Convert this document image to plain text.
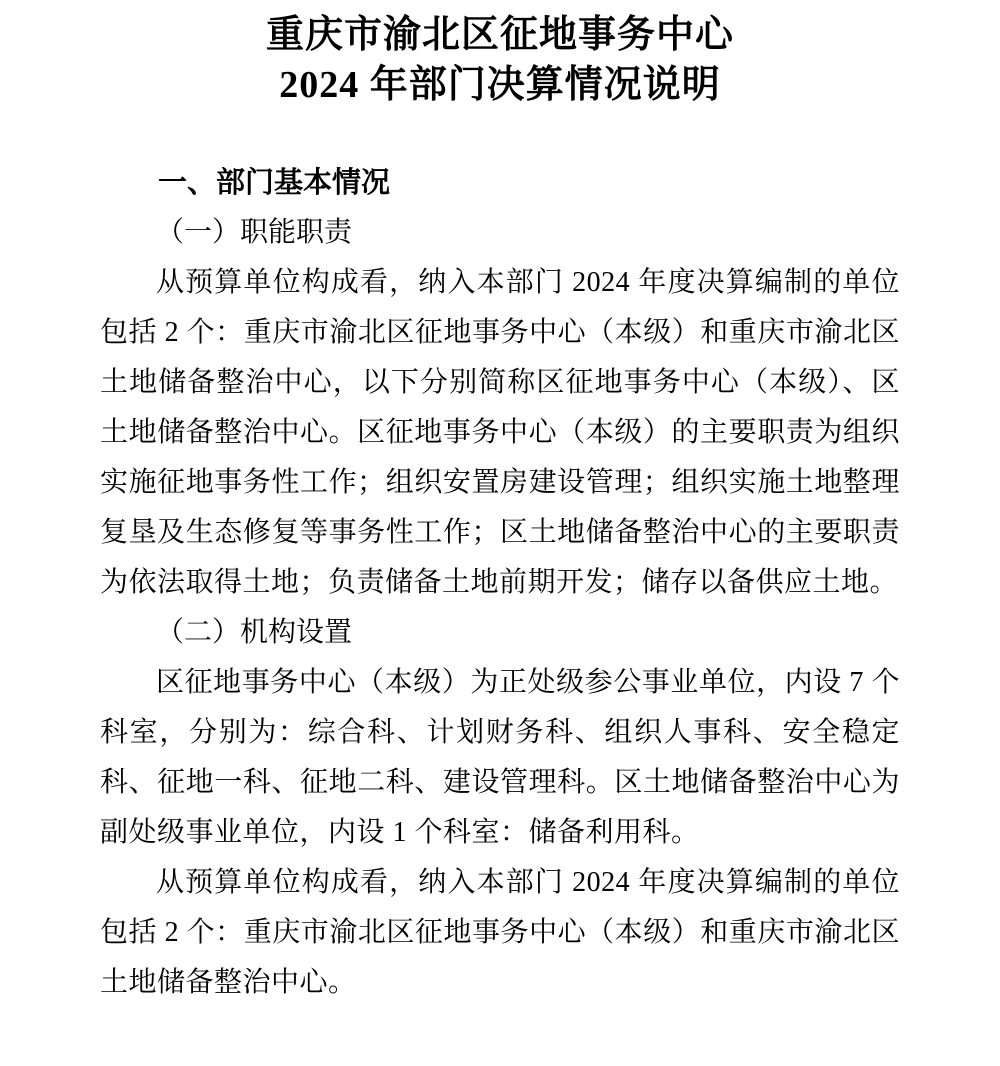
重庆市渝北区征地事务中心
2024 年部门决算情况说明
一、部门基本情况
（一）职能职责

从预算单位构成看，纳入本部门 2024 年度决算编制的单位包括 2 个：重庆市渝北区征地事务中心（本级）和重庆市渝北区土地储备整治中心，以下分别简称区征地事务中心（本级）、区土地储备整治中心。区征地事务中心（本级）的主要职责为组织实施征地事务性工作；组织安置房建设管理；组织实施土地整理复垦及生态修复等事务性工作；区土地储备整治中心的主要职责为依法取得土地；负责储备土地前期开发；储存以备供应土地。

（二）机构设置

区征地事务中心（本级）为正处级参公事业单位，内设 7 个科室，分别为：综合科、计划财务科、组织人事科、安全稳定科、征地一科、征地二科、建设管理科。区土地储备整治中心为副处级事业单位，内设 1 个科室：储备利用科。

从预算单位构成看，纳入本部门 2024 年度决算编制的单位包括 2 个：重庆市渝北区征地事务中心（本级）和重庆市渝北区土地储备整治中心。
